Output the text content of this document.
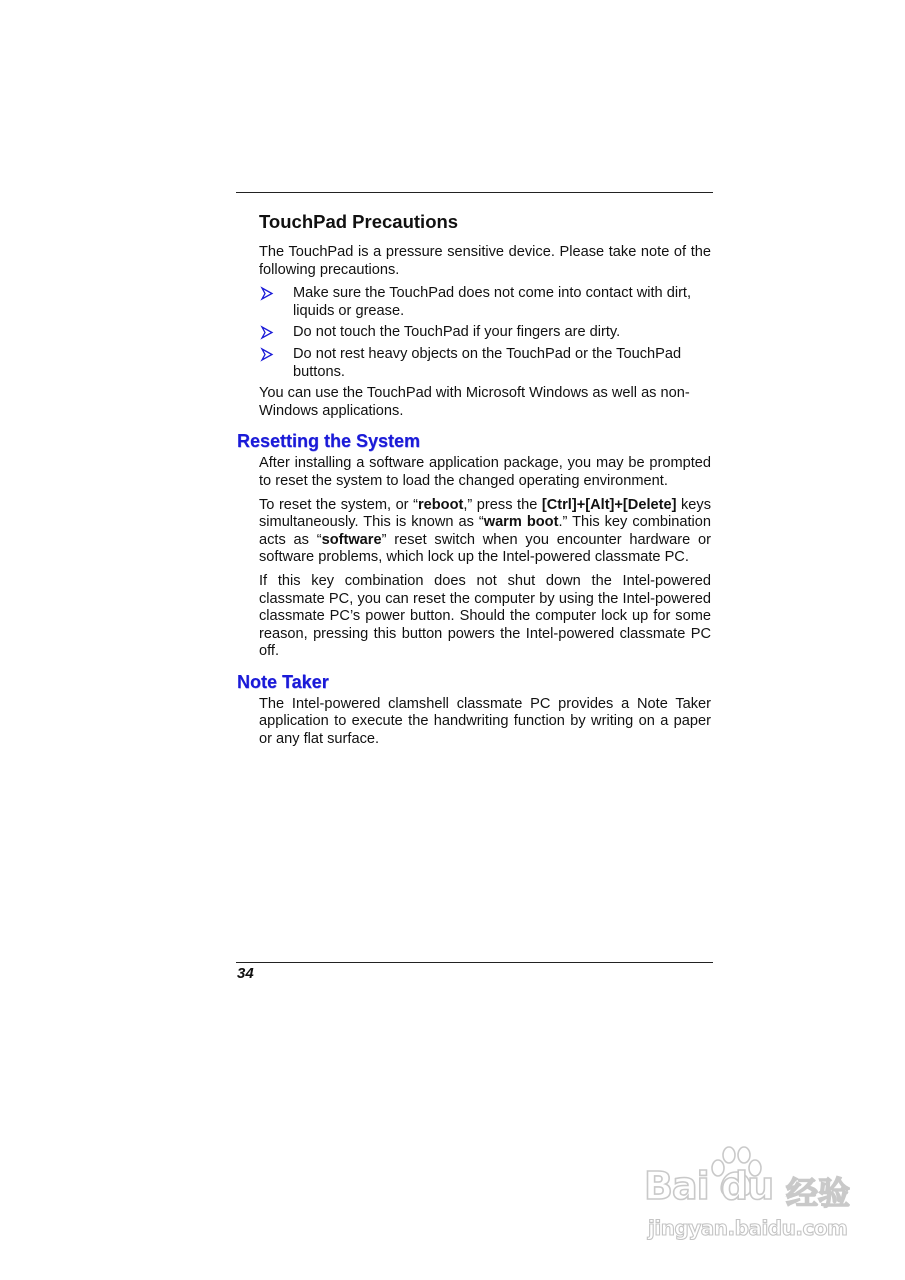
TouchPad Precautions

The TouchPad is a pressure sensitive device. Please take note of the following precautions.

Make sure the TouchPad does not come into contact with dirt, liquids or grease.
Do not touch the TouchPad if your fingers are dirty.
Do not rest heavy objects on the TouchPad or the TouchPad buttons.

You can use the TouchPad with Microsoft Windows as well as non-Windows applications.

Resetting the System

After installing a software application package, you may be prompted to reset the system to load the changed operating environment.

To reset the system, or “reboot,” press the [Ctrl]+[Alt]+[Delete] keys simultaneously. This is known as “warm boot.” This key combination acts as “software” reset switch when you encounter hardware or software problems, which lock up the Intel-powered classmate PC.

If this key combination does not shut down the Intel-powered classmate PC, you can reset the computer by using the Intel-powered classmate PC’s power button. Should the computer lock up for some reason, pressing this button powers the Intel-powered classmate PC off.

Note Taker

The Intel-powered clamshell classmate PC provides a Note Taker application to execute the handwriting function by writing on a paper or any flat surface.

34
Bai du 经验
jingyan.baidu.com
